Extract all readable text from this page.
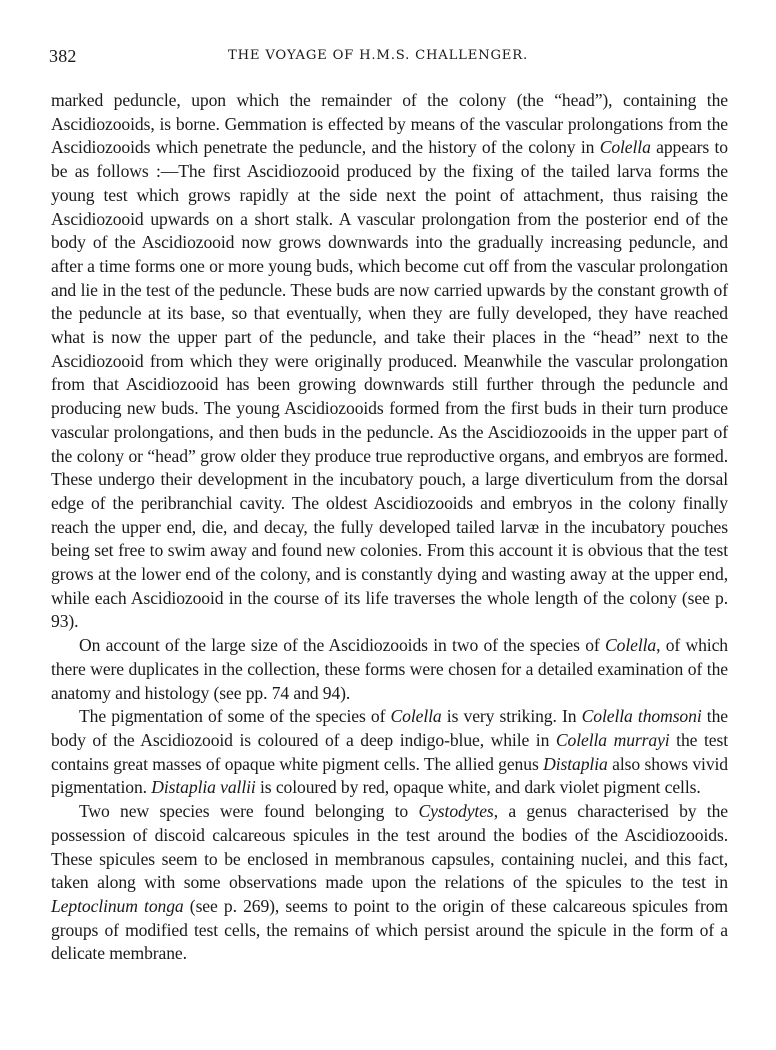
382	THE VOYAGE OF H.M.S. CHALLENGER.

marked peduncle, upon which the remainder of the colony (the “head”), containing the Ascidiozooids, is borne. Gemmation is effected by means of the vascular prolongations from the Ascidiozooids which penetrate the peduncle, and the history of the colony in Colella appears to be as follows :—The first Ascidiozooid produced by the fixing of the tailed larva forms the young test which grows rapidly at the side next the point of attachment, thus raising the Ascidiozooid upwards on a short stalk. A vascular prolongation from the posterior end of the body of the Ascidiozooid now grows downwards into the gradually increasing peduncle, and after a time forms one or more young buds, which become cut off from the vascular prolongation and lie in the test of the peduncle. These buds are now carried upwards by the constant growth of the peduncle at its base, so that eventually, when they are fully developed, they have reached what is now the upper part of the peduncle, and take their places in the “head” next to the Ascidiozooid from which they were originally produced. Meanwhile the vascular prolongation from that Ascidiozooid has been growing downwards still further through the peduncle and producing new buds. The young Ascidiozooids formed from the first buds in their turn produce vascular prolongations, and then buds in the peduncle. As the Ascidiozooids in the upper part of the colony or “head” grow older they produce true reproductive organs, and embryos are formed. These undergo their development in the incubatory pouch, a large diverticulum from the dorsal edge of the peribranchial cavity. The oldest Ascidiozooids and embryos in the colony finally reach the upper end, die, and decay, the fully developed tailed larvæ in the incubatory pouches being set free to swim away and found new colonies. From this account it is obvious that the test grows at the lower end of the colony, and is constantly dying and wasting away at the upper end, while each Ascidiozooid in the course of its life traverses the whole length of the colony (see p. 93).

On account of the large size of the Ascidiozooids in two of the species of Colella, of which there were duplicates in the collection, these forms were chosen for a detailed examination of the anatomy and histology (see pp. 74 and 94).

The pigmentation of some of the species of Colella is very striking. In Colella thomsoni the body of the Ascidiozooid is coloured of a deep indigo-blue, while in Colella murrayi the test contains great masses of opaque white pigment cells. The allied genus Distaplia also shows vivid pigmentation. Distaplia vallii is coloured by red, opaque white, and dark violet pigment cells.

Two new species were found belonging to Cystodytes, a genus characterised by the possession of discoid calcareous spicules in the test around the bodies of the Ascidiozooids. These spicules seem to be enclosed in membranous capsules, containing nuclei, and this fact, taken along with some observations made upon the relations of the spicules to the test in Leptoclinum tonga (see p. 269), seems to point to the origin of these calcareous spicules from groups of modified test cells, the remains of which persist around the spicule in the form of a delicate membrane.
